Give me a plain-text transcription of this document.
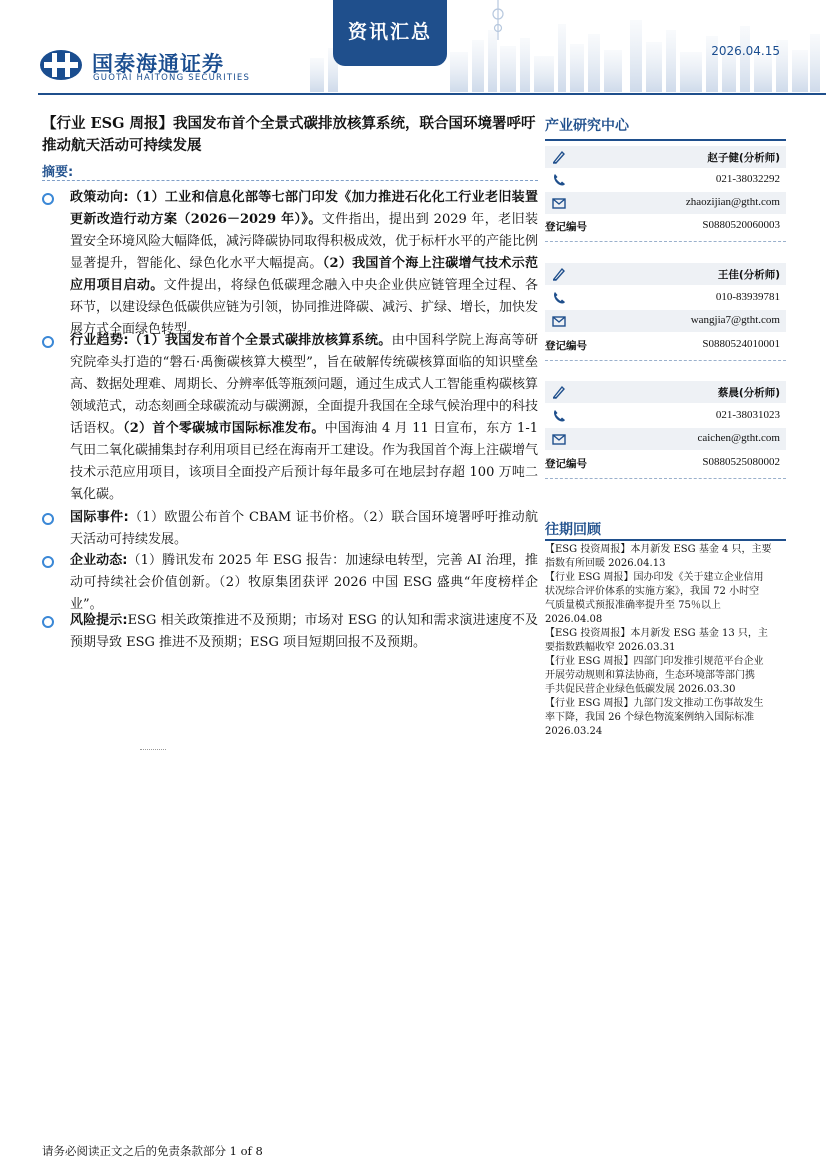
国泰海通证券
GUOTAI HAITONG SECURITIES
资讯汇总
2026.04.15
【行业 ESG 周报】我国发布首个全景式碳排放核算系统，联合国环境署呼吁推动航天活动可持续发展
摘要:
政策动向:（1）工业和信息化部等七部门印发《加力推进石化化工行业老旧装置更新改造行动方案（2026－2029 年）》。文件指出，提出到 2029 年，老旧装置安全环境风险大幅降低，减污降碳协同取得积极成效，优于标杆水平的产能比例显著提升，智能化、绿色化水平大幅提高。（2）我国首个海上注碳增气技术示范应用项目启动。文件提出，将绿色低碳理念融入中央企业供应链管理全过程、各环节，以建设绿色低碳供应链为引领，协同推进降碳、减污、扩绿、增长，加快发展方式全面绿色转型。
行业趋势:（1）我国发布首个全景式碳排放核算系统。由中国科学院上海高等研究院牵头打造的“磐石·禹衡碳核算大模型”，旨在破解传统碳核算面临的知识壁垒高、数据处理难、周期长、分辨率低等瓶颈问题，通过生成式人工智能重构碳核算领域范式，动态刻画全球碳流动与碳溯源，全面提升我国在全球气候治理中的科技话语权。（2）首个零碳城市国际标准发布。中国海油 4 月 11 日宣布，东方 1-1 气田二氧化碳捕集封存利用项目已经在海南开工建设。作为我国首个海上注碳增气技术示范应用项目，该项目全面投产后预计每年最多可在地层封存超 100 万吨二氧化碳。
国际事件:（1）欧盟公布首个 CBAM 证书价格。（2）联合国环境署呼吁推动航天活动可持续发展。
企业动态:（1）腾讯发布 2025 年 ESG 报告：加速绿电转型，完善 AI 治理，推动可持续社会价值创新。（2）牧原集团获评 2026 中国 ESG 盛典“年度榜样企业”。
风险提示:ESG 相关政策推进不及预期；市场对 ESG 的认知和需求演进速度不及预期导致 ESG 推进不及预期；ESG 项目短期回报不及预期。
产业研究中心
赵子健(分析师)
021-38032292
zhaozijian@gtht.com
登记编号	S0880520060003
王佳(分析师)
010-83939781
wangjia7@gtht.com
登记编号	S0880524010001
蔡晨(分析师)
021-38031023
caichen@gtht.com
登记编号	S0880525080002
往期回顾
【ESG 投资周报】本月新发 ESG 基金 4 只，主要
指数有所回暖 2026.04.13
【行业 ESG 周报】国办印发《关于建立企业信用
状况综合评价体系的实施方案》，我国 72 小时空
气质量模式预报准确率提升至 75％以上
2026.04.08
【ESG 投资周报】本月新发 ESG 基金 13 只，主
要指数跌幅收窄 2026.03.31
【行业 ESG 周报】四部门印发推引规范平台企业
开展劳动规则和算法协商，生态环境部等部门携
手共促民营企业绿色低碳发展 2026.03.30
【行业 ESG 周报】九部门发文推动工伤事故发生
率下降，我国 26 个绿色物流案例纳入国际标准
2026.03.24
请务必阅读正文之后的免责条款部分 1 of 8
